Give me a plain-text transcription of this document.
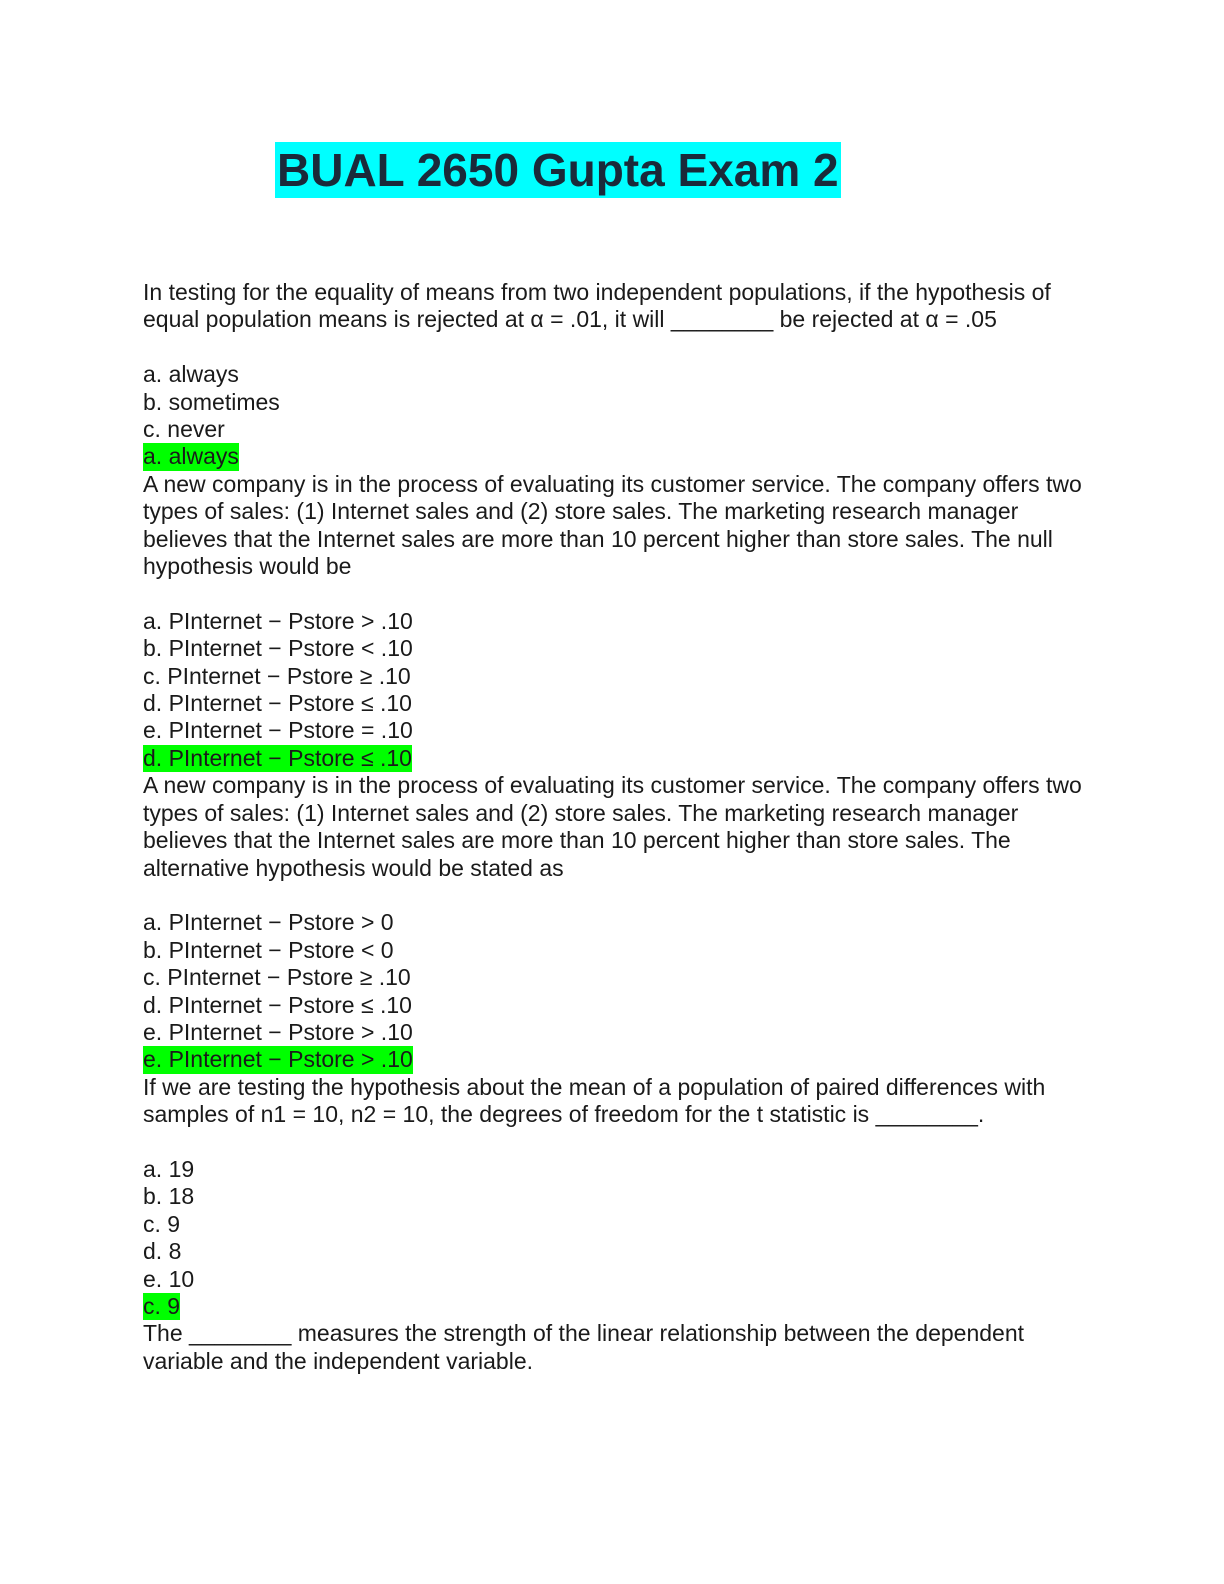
BUAL 2650 Gupta Exam 2

In testing for the equality of means from two independent populations, if the hypothesis of equal population means is rejected at α = .01, it will ________ be rejected at α = .05

a. always
b. sometimes
c. never
a. always

A new company is in the process of evaluating its customer service. The company offers two types of sales: (1) Internet sales and (2) store sales. The marketing research manager believes that the Internet sales are more than 10 percent higher than store sales. The null hypothesis would be

a. PInternet − Pstore > .10
b. PInternet − Pstore < .10
c. PInternet − Pstore ≥ .10
d. PInternet − Pstore ≤ .10
e. PInternet − Pstore = .10
d. PInternet − Pstore ≤ .10

A new company is in the process of evaluating its customer service. The company offers two types of sales: (1) Internet sales and (2) store sales. The marketing research manager believes that the Internet sales are more than 10 percent higher than store sales. The alternative hypothesis would be stated as

a. PInternet − Pstore > 0
b. PInternet − Pstore < 0
c. PInternet − Pstore ≥ .10
d. PInternet − Pstore ≤ .10
e. PInternet − Pstore > .10
e. PInternet − Pstore > .10

If we are testing the hypothesis about the mean of a population of paired differences with samples of n1 = 10, n2 = 10, the degrees of freedom for the t statistic is ________.

a. 19
b. 18
c. 9
d. 8
e. 10
c. 9

The ________ measures the strength of the linear relationship between the dependent variable and the independent variable.
